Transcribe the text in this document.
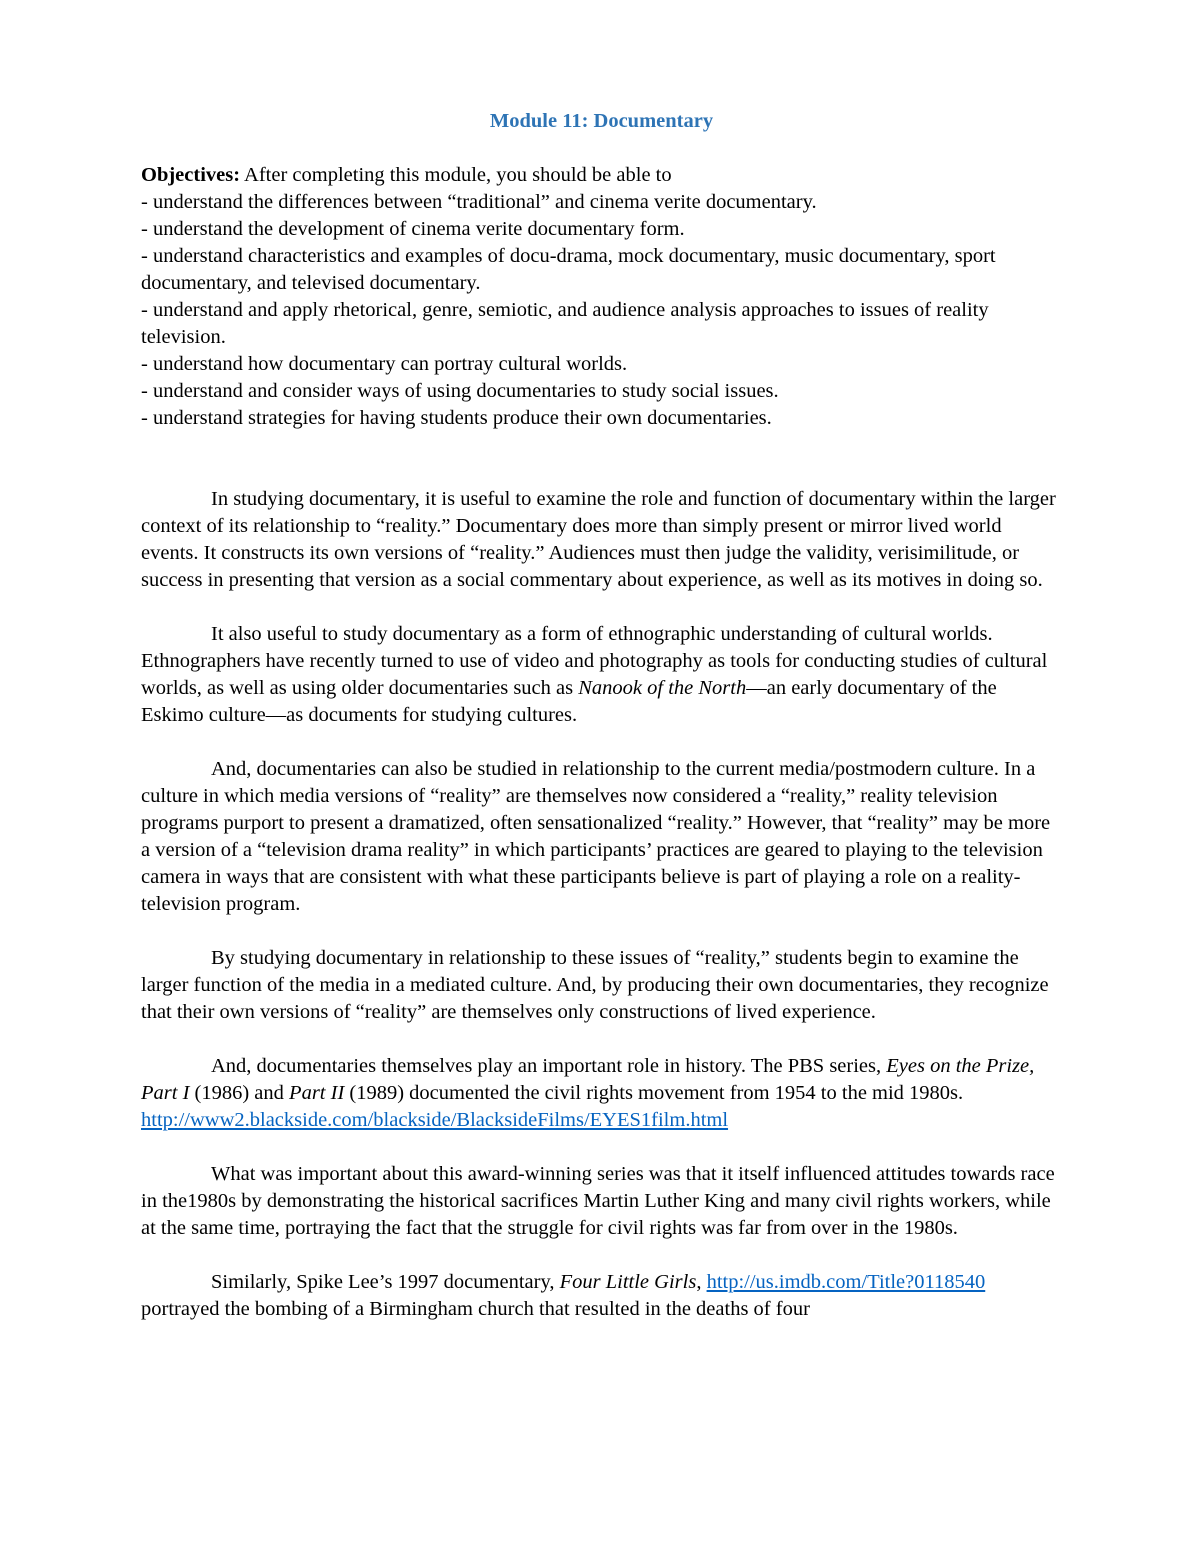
Module 11: Documentary
Objectives: After completing this module, you should be able to
- understand the differences between “traditional” and cinema verite documentary.
- understand the development of cinema verite documentary form.
- understand characteristics and examples of docu-drama, mock documentary, music documentary, sport documentary, and televised documentary.
- understand and apply rhetorical, genre, semiotic, and audience analysis approaches to issues of reality television.
- understand how documentary can portray cultural worlds.
- understand and consider ways of using documentaries to study social issues.
- understand strategies for having students produce their own documentaries.

In studying documentary, it is useful to examine the role and function of documentary within the larger context of its relationship to “reality.” Documentary does more than simply present or mirror lived world events. It constructs its own versions of “reality.” Audiences must then judge the validity, verisimilitude, or success in presenting that version as a social commentary about experience, as well as its motives in doing so.

It also useful to study documentary as a form of ethnographic understanding of cultural worlds. Ethnographers have recently turned to use of video and photography as tools for conducting studies of cultural worlds, as well as using older documentaries such as Nanook of the North—an early documentary of the Eskimo culture—as documents for studying cultures.

And, documentaries can also be studied in relationship to the current media/postmodern culture. In a culture in which media versions of “reality” are themselves now considered a “reality,” reality television programs purport to present a dramatized, often sensationalized “reality.” However, that “reality” may be more a version of a “television drama reality” in which participants’ practices are geared to playing to the television camera in ways that are consistent with what these participants believe is part of playing a role on a reality-television program.

By studying documentary in relationship to these issues of “reality,” students begin to examine the larger function of the media in a mediated culture. And, by producing their own documentaries, they recognize that their own versions of “reality” are themselves only constructions of lived experience.

And, documentaries themselves play an important role in history. The PBS series, Eyes on the Prize, Part I (1986) and Part II (1989) documented the civil rights movement from 1954 to the mid 1980s.
http://www2.blackside.com/blackside/BlacksideFilms/EYES1film.html

What was important about this award-winning series was that it itself influenced attitudes towards race in the1980s by demonstrating the historical sacrifices Martin Luther King and many civil rights workers, while at the same time, portraying the fact that the struggle for civil rights was far from over in the 1980s.

Similarly, Spike Lee’s 1997 documentary, Four Little Girls, http://us.imdb.com/Title?0118540 portrayed the bombing of a Birmingham church that resulted in the deaths of four
